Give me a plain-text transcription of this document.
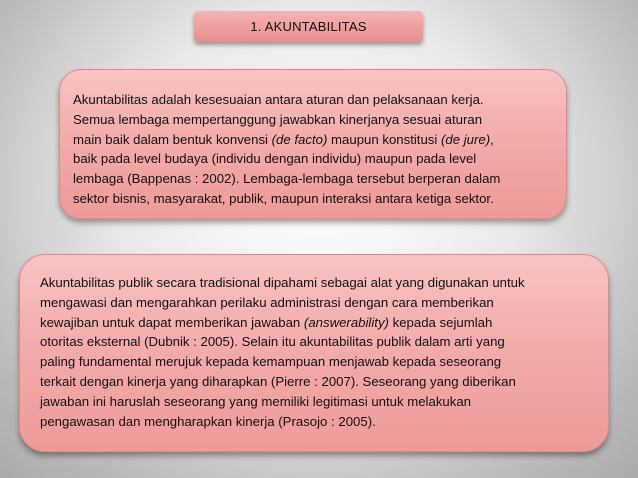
1. AKUNTABILITAS
Akuntabilitas adalah kesesuaian antara aturan dan pelaksanaan kerja.
Semua lembaga mempertanggung jawabkan kinerjanya sesuai aturan
main baik dalam bentuk konvensi (de facto) maupun konstitusi (de jure),
baik pada level budaya (individu dengan individu) maupun pada level
lembaga (Bappenas : 2002). Lembaga-lembaga tersebut berperan dalam
sektor bisnis, masyarakat, publik, maupun interaksi antara ketiga sektor.
Akuntabilitas publik secara tradisional dipahami sebagai alat yang digunakan untuk
mengawasi dan mengarahkan perilaku administrasi dengan cara memberikan
kewajiban untuk dapat memberikan jawaban (answerability) kepada sejumlah
otoritas eksternal (Dubnik : 2005). Selain itu akuntabilitas publik dalam arti yang
paling fundamental merujuk kepada kemampuan menjawab kepada seseorang
terkait dengan kinerja yang diharapkan (Pierre : 2007). Seseorang yang diberikan
jawaban ini haruslah seseorang yang memiliki legitimasi untuk melakukan
pengawasan dan mengharapkan kinerja (Prasojo : 2005).
